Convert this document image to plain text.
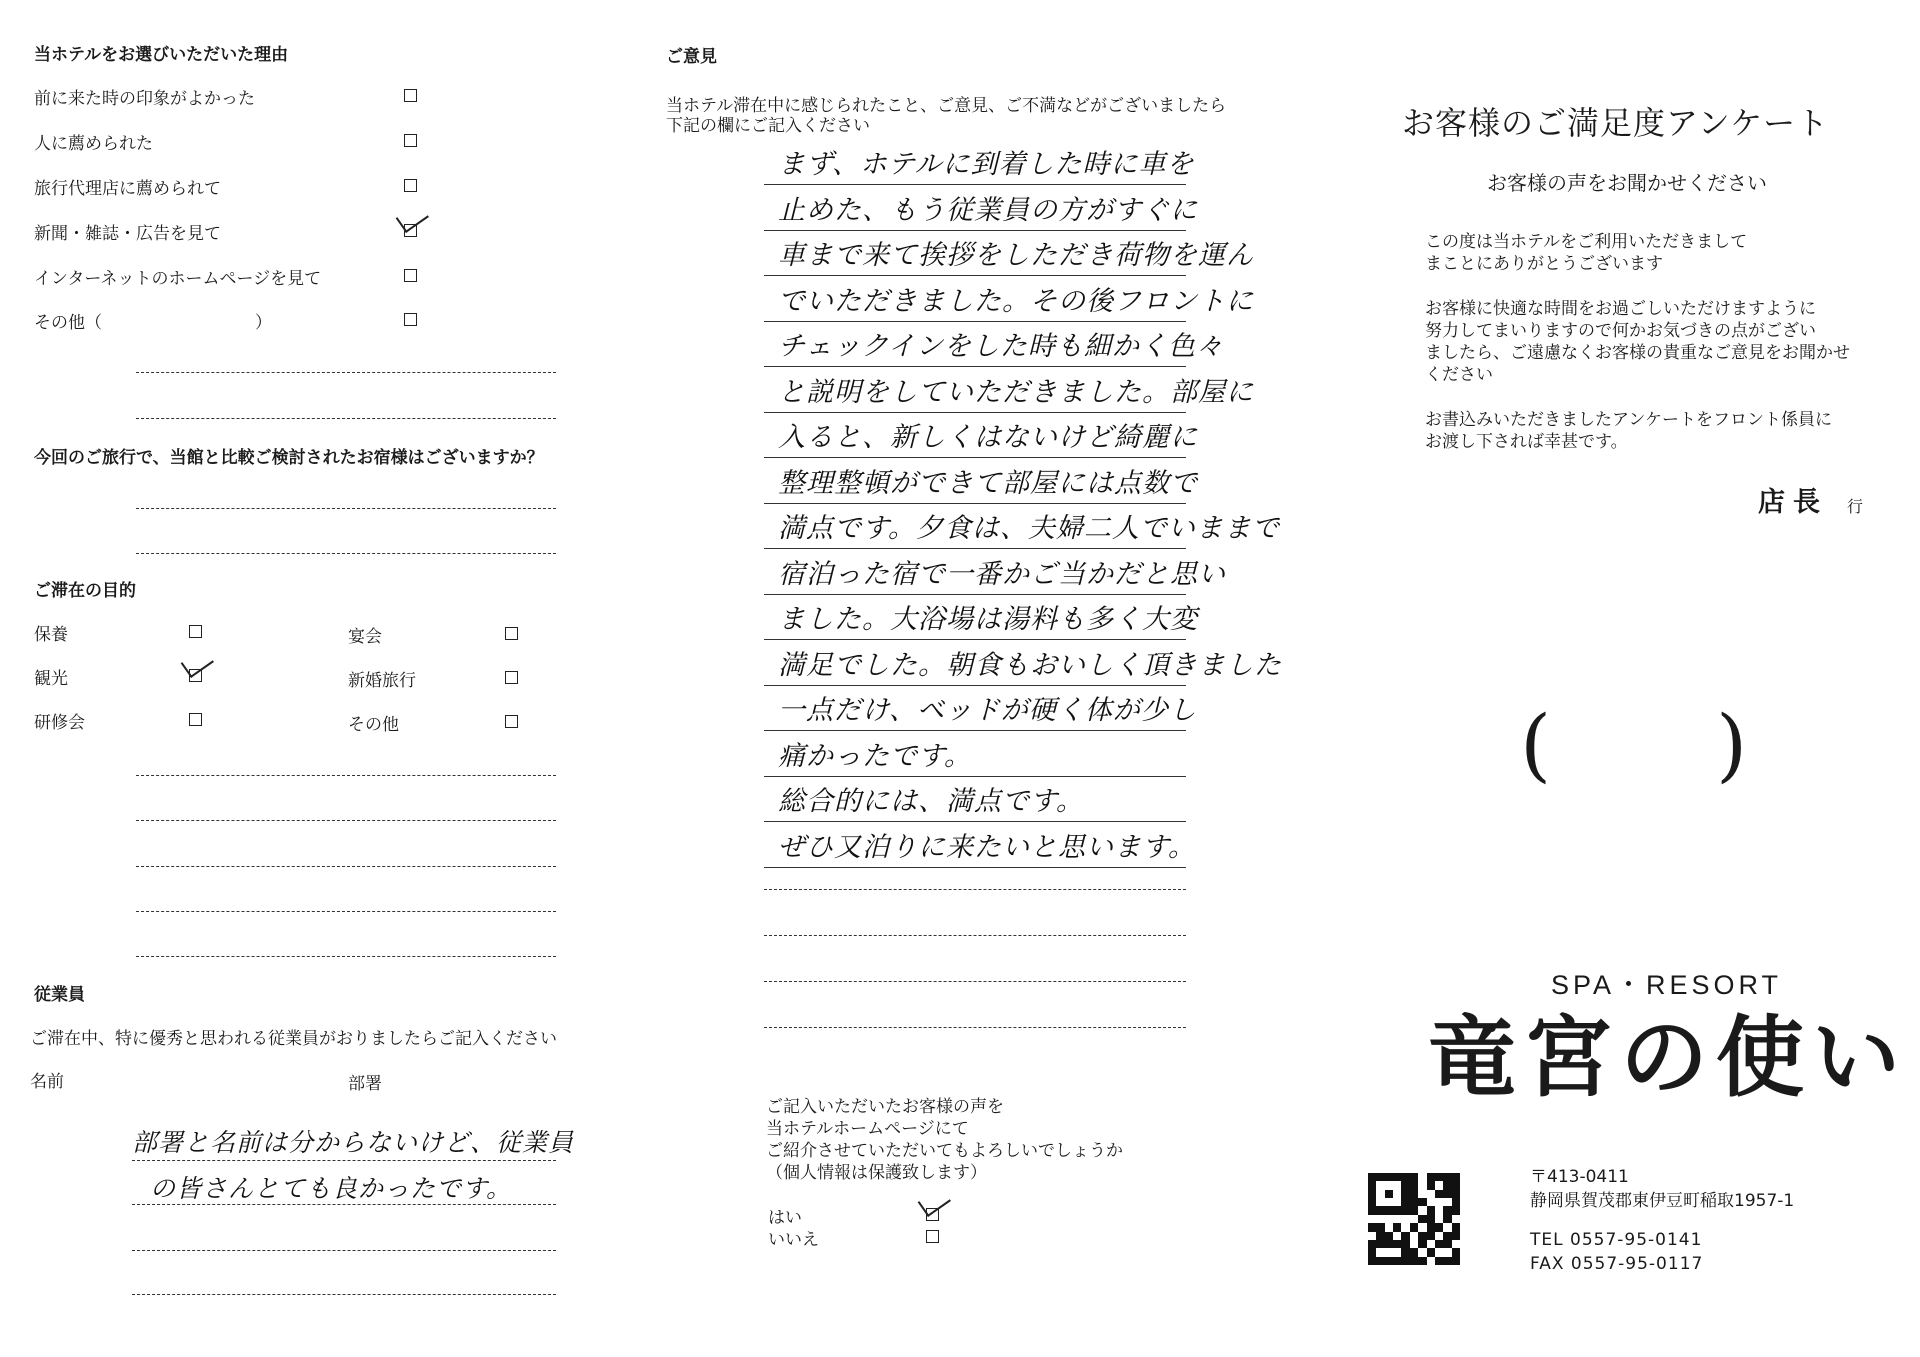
当ホテルをお選びいただいた理由
前に来た時の印象がよかった
人に薦められた
旅行代理店に薦められて
新聞・雑誌・広告を見て
インターネットのホームページを見て
その他（　　　　　　　　　）
今回のご旅行で、当館と比較ご検討されたお宿様はございますか？
ご滞在の目的
保養
観光
研修会
宴会
新婚旅行
その他
従業員
ご滞在中、特に優秀と思われる従業員がおりましたらご記入ください
名前	部署
部署と名前は分からないけど、従業員
の皆さんとても良かったです。
ご意見
当ホテル滞在中に感じられたこと、ご意見、ご不満などがございましたら
下記の欄にご記入ください
まず、ホテルに到着した時に車を
止めた、もう従業員の方がすぐに
車まで来て挨拶をしただき荷物を運ん
でいただきました。その後フロントに
チェックインをした時も細かく色々
と説明をしていただきました。部屋に
入ると、新しくはないけど綺麗に
整理整頓ができて部屋には点数で
満点です。夕食は、夫婦二人でいままで
宿泊った宿で一番かご当かだと思い
ました。大浴場は湯料も多く大変
満足でした。朝食もおいしく頂きました
一点だけ、ベッドが硬く体が少し
痛かったです。
総合的には、満点です。
ぜひ又泊りに来たいと思います。
ご記入いただいたお客様の声を
当ホテルホームページにて
ご紹介させていただいてもよろしいでしょうか
（個人情報は保護致します）
はい
いいえ
お客様のご満足度アンケート
お客様の声をお聞かせください
この度は当ホテルをご利用いただきまして
まことにありがとうございます
お客様に快適な時間をお過ごしいただけますように
努力してまいりますので何かお気づきの点がござい
ましたら、ご遠慮なくお客様の貴重なご意見をお聞かせ
ください
お書込みいただきましたアンケートをフロント係員に
お渡し下されば幸甚です。
店長 行
( )
SPA・RESORT
竜宮の使い
〒413-0411
静岡県賀茂郡東伊豆町稲取1957-1
TEL 0557-95-0141
FAX 0557-95-0117
